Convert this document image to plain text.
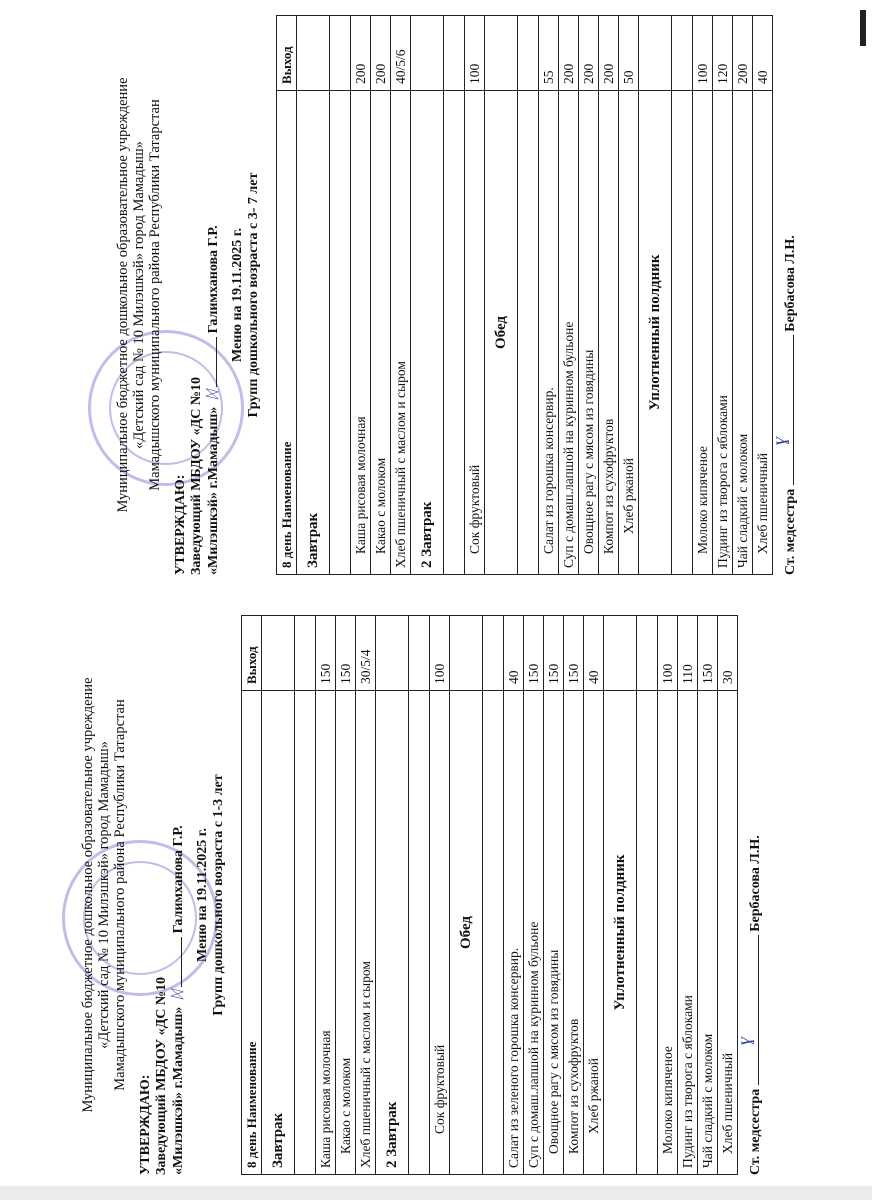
Муниципальное бюджетное дошкольное образовательное учреждение «Детский сад № 10 Милэшкэй» город Мамадыш» Мамадышского муниципального района Республики Татарстан
УТВЕРЖДАЮ: Заведующий МБДОУ «ДС №10 «Милэшкэй» г.Мамадыш» ᛞ Галимханова Г.Р. Меню на 19.11.2025 г. Групп дошкольного возраста с 1-3 лет
8 день Наименование	Выход
Завтрак	

Каша рисовая молочная	150
Какао с молоком	150
Хлеб пшеничный с маслом и сыром	30/5/4
2 Завтрак	

Сок фруктовый	100
Обед	

Салат из зеленого горошка консервир.	40
Суп с домаш.лапшой на куринном бульоне	150
Овощное рагу с мясом из говядины	150
Компот из сухофруктов	150
Хлеб ржаной	40
Уплотненный полдник	

Молоко кипяченое	100
Пудинг из творога с яблоками	110
Чай сладкий с молоком	150
Хлеб пшеничный	30
Ст. медсестра
ɣ
Бербасова Л.Н.
Муниципальное бюджетное дошкольное образовательное учреждение «Детский сад № 10 Милэшкэй» город Мамадыш» Мамадышского муниципального района Республики Татарстан
УТВЕРЖДАЮ: Заведующий МБДОУ «ДС №10 «Милэшкэй» г.Мамадыш» ᛞ Галимханова Г.Р. Меню на 19.11.2025 г. Групп дошкольного возраста с 3- 7 лет
8 день Наименование	Выход
Завтрак	

Каша рисовая молочная	200
Какао с молоком	200
Хлеб пшеничный с маслом и сыром	40/5/6
2 Завтрак	

Сок фруктовый	100
Обед	

Салат из горошка консервир.	55
Суп с домаш.лапшой на куринном бульоне	200
Овощное рагу с мясом из говядины	200
Компот из сухофруктов	200
Хлеб ржаной	50
Уплотненный полдник	

Молоко кипяченое	100
Пудинг из творога с яблоками	120
Чай сладкий с молоком	200
Хлеб пшеничный	40
Ст. медсестра
ɣ
Бербасова Л.Н.
